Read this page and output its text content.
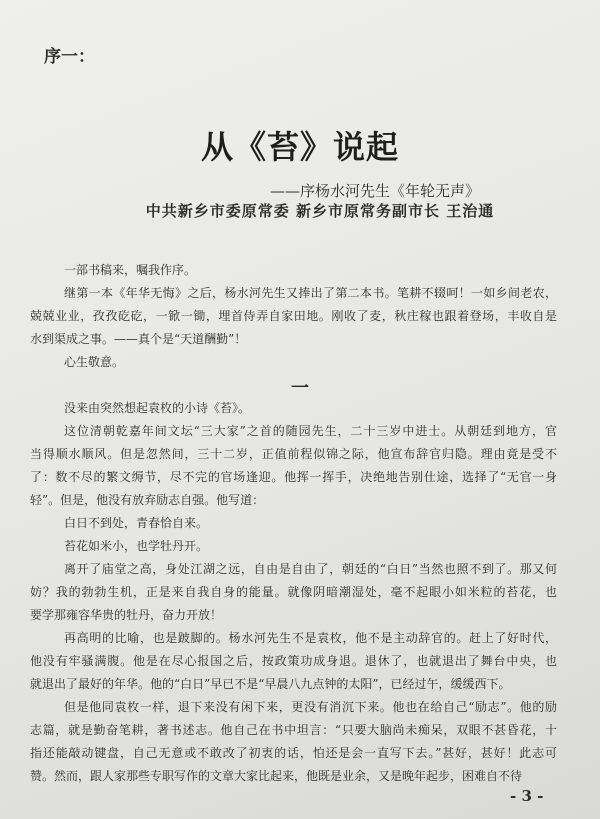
序一：
从《苔》说起
——序杨水河先生《年轮无声》
中共新乡市委原常委 新乡市原常务副市长 王治通
一部书稿来，嘱我作序。
继第一本《年华无悔》之后，杨水河先生又捧出了第二本书。笔耕不辍呵！一如乡间老农，
兢兢业业，孜孜矻矻，一锨一锄，埋首侍弄自家田地。刚收了麦，秋庄稼也跟着登场，丰收自是
水到渠成之事。——真个是“天道酬勤”！
心生敬意。
一
没来由突然想起袁枚的小诗《苔》。
这位清朝乾嘉年间文坛“三大家”之首的随园先生，二十三岁中进士。从朝廷到地方，官
当得顺水顺风。但是忽然间，三十二岁，正值前程似锦之际，他宣布辞官归隐。理由竟是受不
了：数不尽的繁文缛节，尽不完的官场逢迎。他挥一挥手，决绝地告别仕途，选择了“无官一身
轻”。但是，他没有放弃励志自强。他写道：
白日不到处，青春恰自来。
苔花如米小，也学牡丹开。
离开了庙堂之高，身处江湖之远，自由是自由了，朝廷的“白日”当然也照不到了。那又何
妨？我的勃勃生机，正是来自我自身的能量。就像阴暗潮湿处，毫不起眼小如米粒的苔花，也
要学那雍容华贵的牡丹，奋力开放！
再高明的比喻，也是跛脚的。杨水河先生不是袁枚，他不是主动辞官的。赶上了好时代，
他没有牢骚满腹。他是在尽心报国之后，按政策功成身退。退休了，也就退出了舞台中央，也
就退出了最好的年华。他的“白日”早已不是“早晨八九点钟的太阳”，已经过午，缓缓西下。
但是他同袁枚一样，退下来没有闲下来，更没有消沉下来。他也在给自己“励志”。他的励
志篇，就是勤奋笔耕，著书述志。他自己在书中坦言：“只要大脑尚未痴呆，双眼不甚昏花，十
指还能敲动键盘，自己无意或不敢改了初衷的话，怕还是会一直写下去。”甚好，甚好！此志可
赞。然而，跟人家那些专职写作的文章大家比起来，他既是业余，又是晚年起步，困难自不待
- 3 -
